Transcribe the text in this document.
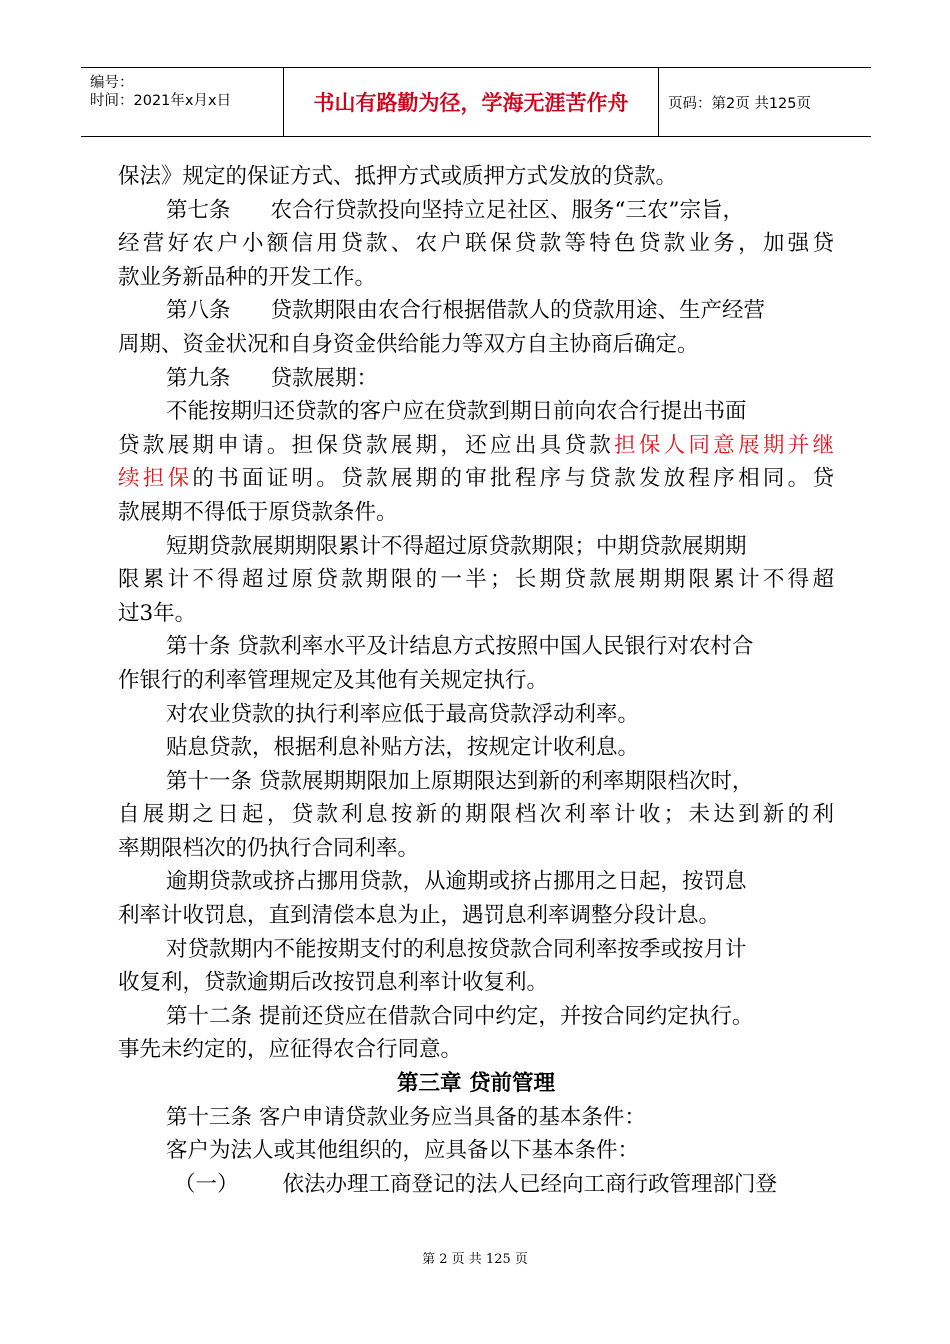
编号：
时间：2021年x月x日	书山有路勤为径，学海无涯苦作舟	页码：第2页 共125页
保法》规定的保证方式、抵押方式或质押方式发放的贷款。
第七条 农合行贷款投向坚持立足社区、服务“三农”宗旨，
经营好农户小额信用贷款、农户联保贷款等特色贷款业务，加强贷
款业务新品种的开发工作。
第八条 贷款期限由农合行根据借款人的贷款用途、生产经营
周期、资金状况和自身资金供给能力等双方自主协商后确定。
第九条 贷款展期：
不能按期归还贷款的客户应在贷款到期日前向农合行提出书面
贷款展期申请。担保贷款展期，还应出具贷款担保人同意展期并继
续担保的书面证明。贷款展期的审批程序与贷款发放程序相同。贷
款展期不得低于原贷款条件。
短期贷款展期期限累计不得超过原贷款期限；中期贷款展期期
限累计不得超过原贷款期限的一半；长期贷款展期期限累计不得超
过3年。
第十条 贷款利率水平及计结息方式按照中国人民银行对农村合
作银行的利率管理规定及其他有关规定执行。
对农业贷款的执行利率应低于最高贷款浮动利率。
贴息贷款，根据利息补贴方法，按规定计收利息。
第十一条 贷款展期期限加上原期限达到新的利率期限档次时，
自展期之日起，贷款利息按新的期限档次利率计收；未达到新的利
率期限档次的仍执行合同利率。
逾期贷款或挤占挪用贷款，从逾期或挤占挪用之日起，按罚息
利率计收罚息，直到清偿本息为止，遇罚息利率调整分段计息。
对贷款期内不能按期支付的利息按贷款合同利率按季或按月计
收复利，贷款逾期后改按罚息利率计收复利。
第十二条 提前还贷应在借款合同中约定，并按合同约定执行。
事先未约定的，应征得农合行同意。
第三章 贷前管理
第十三条 客户申请贷款业务应当具备的基本条件：
客户为法人或其他组织的，应具备以下基本条件：
（一） 依法办理工商登记的法人已经向工商行政管理部门登
第 2 页 共 125 页
